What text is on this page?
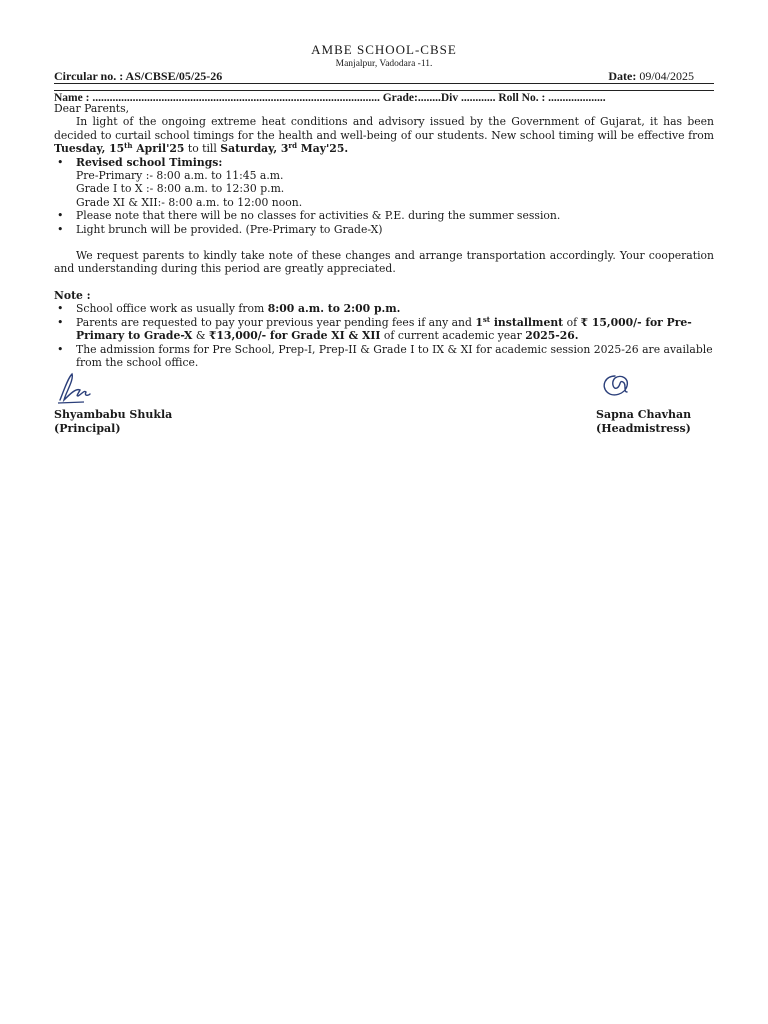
AMBE SCHOOL-CBSE
Manjalpur, Vadodara -11.
Circular no. : AS/CBSE/05/25-26	Date: 09/04/2025
Name : .................................................................................................... Grade:........Div ............ Roll No. : ....................

Dear Parents,

In light of the ongoing extreme heat conditions and advisory issued by the Government of Gujarat, it has been decided to curtail school timings for the health and well-being of our students. New school timing will be effective from Tuesday, 15th April'25 to till Saturday, 3rd May'25.

• Revised school Timings:
Pre-Primary :- 8:00 a.m. to 11:45 a.m.
Grade I to X :- 8:00 a.m. to 12:30 p.m.
Grade XI & XII:- 8:00 a.m. to 12:00 noon.
• Please note that there will be no classes for activities & P.E. during the summer session.
• Light brunch will be provided. (Pre-Primary to Grade-X)

We request parents to kindly take note of these changes and arrange transportation accordingly. Your cooperation and understanding during this period are greatly appreciated.

Note :

• School office work as usually from 8:00 a.m. to 2:00 p.m.
• Parents are requested to pay your previous year pending fees if any and 1st installment of ₹ 15,000/- for Pre-Primary to Grade-X & ₹13,000/- for Grade XI & XII of current academic year 2025-26.
• The admission forms for Pre School, Prep-I, Prep-II & Grade I to IX & XI for academic session 2025-26 are available from the school office.
Shyambabu Shukla
(Principal)
Sapna Chavhan
(Headmistress)
